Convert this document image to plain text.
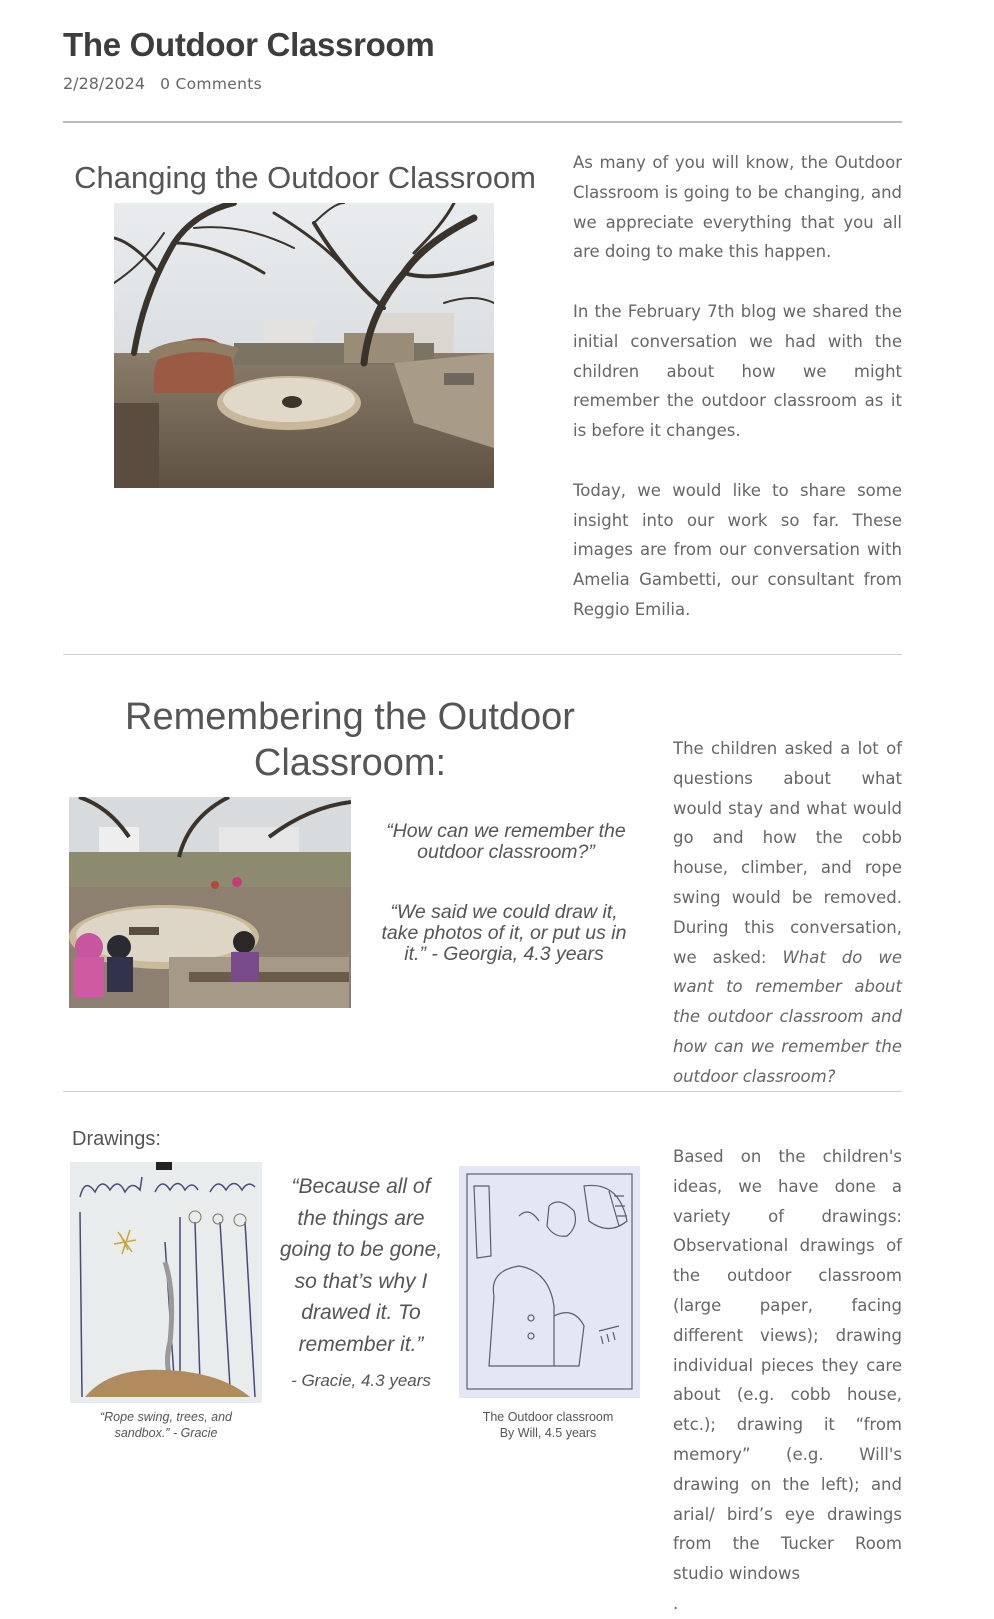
The Outdoor Classroom
2/28/2024 0 Comments
Changing the Outdoor Classroom	As many of you will know, the Outdoor Classroom is going to be changing, and we appreciate everything that you all are doing to make this happen.

In the February 7th blog we shared the initial conversation we had with the children about how we might remember the outdoor classroom as it is before it changes.

Today, we would like to share some insight into our work so far. These images are from our conversation with Amelia Gambetti, our consultant from Reggio Emilia.

Remembering the Outdoor
Classroom:
“How can we remember the outdoor classroom?”
“We said we could draw it, take photos of it, or put us in it.” - Georgia, 4.3 years

The children asked a lot of questions about what would stay and what would go and how the cobb house, climber, and rope swing would be removed. During this conversation, we asked: What do we want to remember about the outdoor classroom and how can we remember the outdoor classroom?

Drawings:
“Because all of the things are going to be gone, so that’s why I drawed it. To remember it.”
- Gracie, 4.3 years
“Rope swing, trees, and sandbox.” - Gracie
The Outdoor classroom
By Will, 4.5 years

Based on the children's ideas, we have done a variety of drawings: Observational drawings of the outdoor classroom (large paper, facing different views); drawing individual pieces they care about (e.g. cobb house, etc.); drawing it “from memory” (e.g. Will's drawing on the left); and arial/ bird’s eye drawings from the Tucker Room studio windows

.
